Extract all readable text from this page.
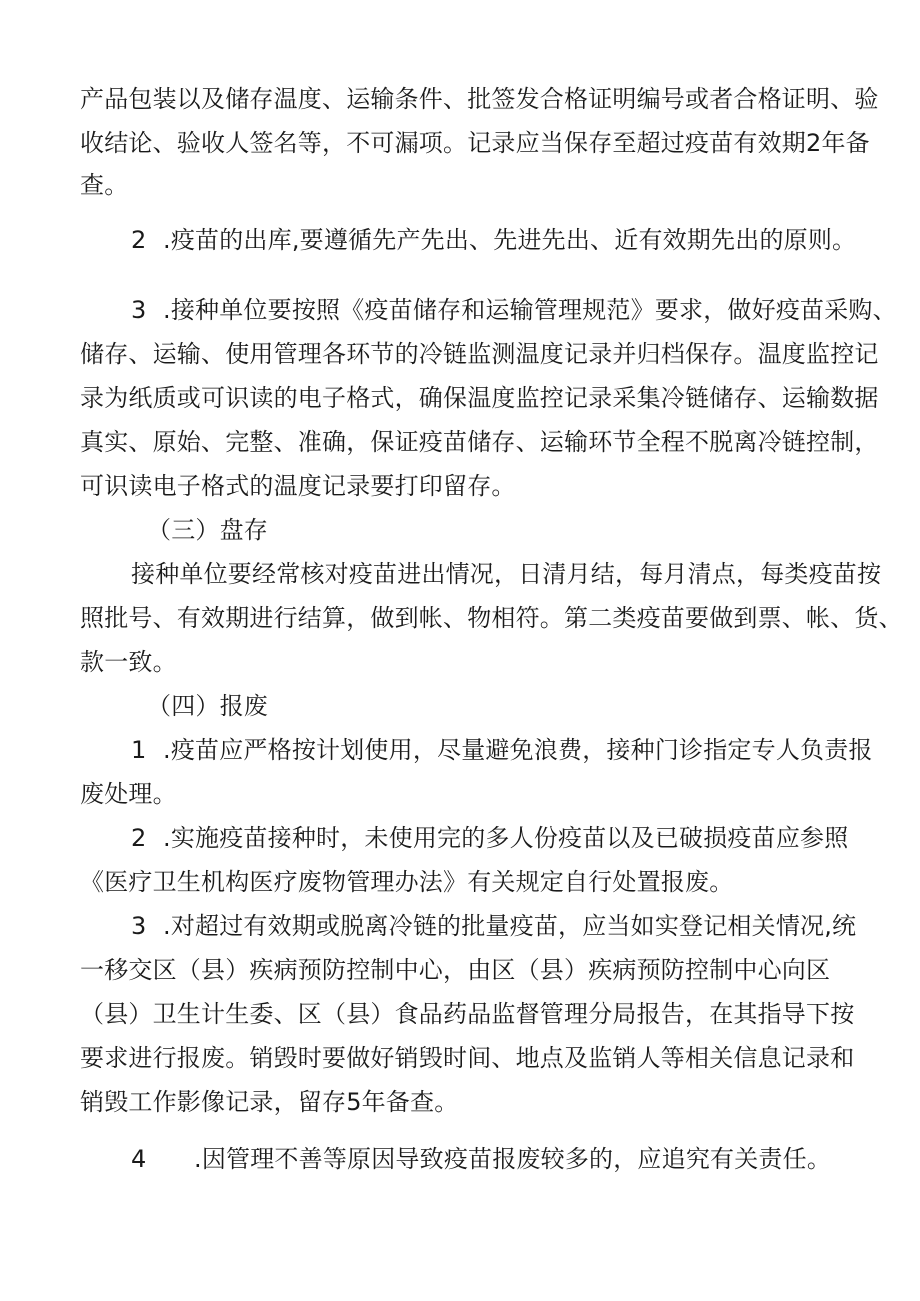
产品包装以及储存温度、运输条件、批签发合格证明编号或者合格证明、验
收结论、验收人签名等，不可漏项。记录应当保存至超过疫苗有效期2年备
查。
2 .疫苗的出库,要遵循先产先出、先进先出、近有效期先出的原则。
3 .接种单位要按照《疫苗储存和运输管理规范》要求，做好疫苗采购、
储存、运输、使用管理各环节的冷链监测温度记录并归档保存。温度监控记
录为纸质或可识读的电子格式，确保温度监控记录采集冷链储存、运输数据
真实、原始、完整、准确，保证疫苗储存、运输环节全程不脱离冷链控制，
可识读电子格式的温度记录要打印留存。
（三）盘存
接种单位要经常核对疫苗进出情况，日清月结，每月清点，每类疫苗按
照批号、有效期进行结算，做到帐、物相符。第二类疫苗要做到票、帐、货、
款一致。
（四）报废
1 .疫苗应严格按计划使用，尽量避免浪费，接种门诊指定专人负责报
废处理。
2 .实施疫苗接种时，未使用完的多人份疫苗以及已破损疫苗应参照
《医疗卫生机构医疗废物管理办法》有关规定自行处置报废。
3 .对超过有效期或脱离冷链的批量疫苗，应当如实登记相关情况,统
一移交区（县）疾病预防控制中心，由区（县）疾病预防控制中心向区
（县）卫生计生委、区（县）食品药品监督管理分局报告，在其指导下按
要求进行报废。销毁时要做好销毁时间、地点及监销人等相关信息记录和
销毁工作影像记录，留存5年备查。
4 .因管理不善等原因导致疫苗报废较多的，应追究有关责任。
